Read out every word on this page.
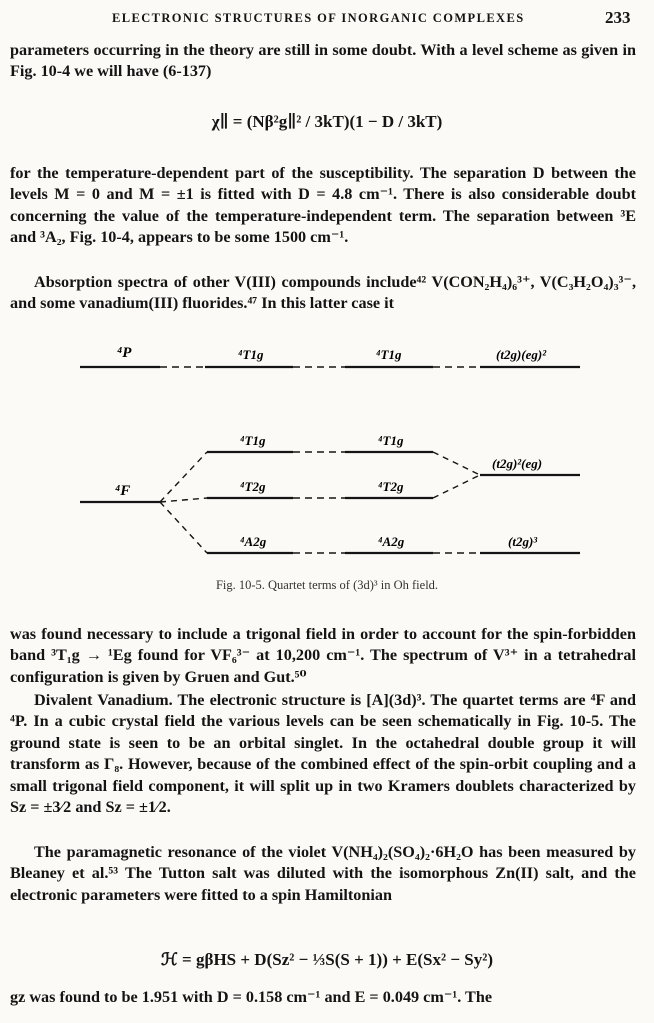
ELECTRONIC STRUCTURES OF INORGANIC COMPLEXES	233

parameters occurring in the theory are still in some doubt. With a level scheme as given in Fig. 10-4 we will have (6-137)

χ∥ = (Nβ²g∥² / 3kT)(1 − D / 3kT)

for the temperature-dependent part of the susceptibility. The separation D between the levels M = 0 and M = ±1 is fitted with D = 4.8 cm⁻¹. There is also considerable doubt concerning the value of the temperature-independent term. The separation between ³E and ³A₂, Fig. 10-4, appears to be some 1500 cm⁻¹.

Absorption spectra of other V(III) compounds include⁴² V(CON₂H₄)₆³⁺, V(C₃H₂O₄)₃³⁻, and some vanadium(III) fluorides.⁴⁷ In this latter case it

⁴P	⁴T1g	⁴T1g	(t2g)(eg)²
⁴F
⁴T1g	⁴T1g
⁴T2g	⁴T2g
(t2g)²(eg)
⁴A2g	⁴A2g	(t2g)³
Fig. 10-5. Quartet terms of (3d)³ in Oh field.

was found necessary to include a trigonal field in order to account for the spin-forbidden band ³T₁g → ¹Eg found for VF₆³⁻ at 10,200 cm⁻¹. The spectrum of V³⁺ in a tetrahedral configuration is given by Gruen and Gut.⁵⁰

Divalent Vanadium. The electronic structure is [A](3d)³. The quartet terms are ⁴F and ⁴P. In a cubic crystal field the various levels can be seen schematically in Fig. 10-5. The ground state is seen to be an orbital singlet. In the octahedral double group it will transform as Γ₈. However, because of the combined effect of the spin-orbit coupling and a small trigonal field component, it will split up in two Kramers doublets characterized by Sz = ±3⁄2 and Sz = ±1⁄2.

The paramagnetic resonance of the violet V(NH₄)₂(SO₄)₂·6H₂O has been measured by Bleaney et al.⁵³ The Tutton salt was diluted with the isomorphous Zn(II) salt, and the electronic parameters were fitted to a spin Hamiltonian

ℋ = gβHS + D(Sz² − ⅓S(S + 1)) + E(Sx² − Sy²)

gz was found to be 1.951 with D = 0.158 cm⁻¹ and E = 0.049 cm⁻¹. The
